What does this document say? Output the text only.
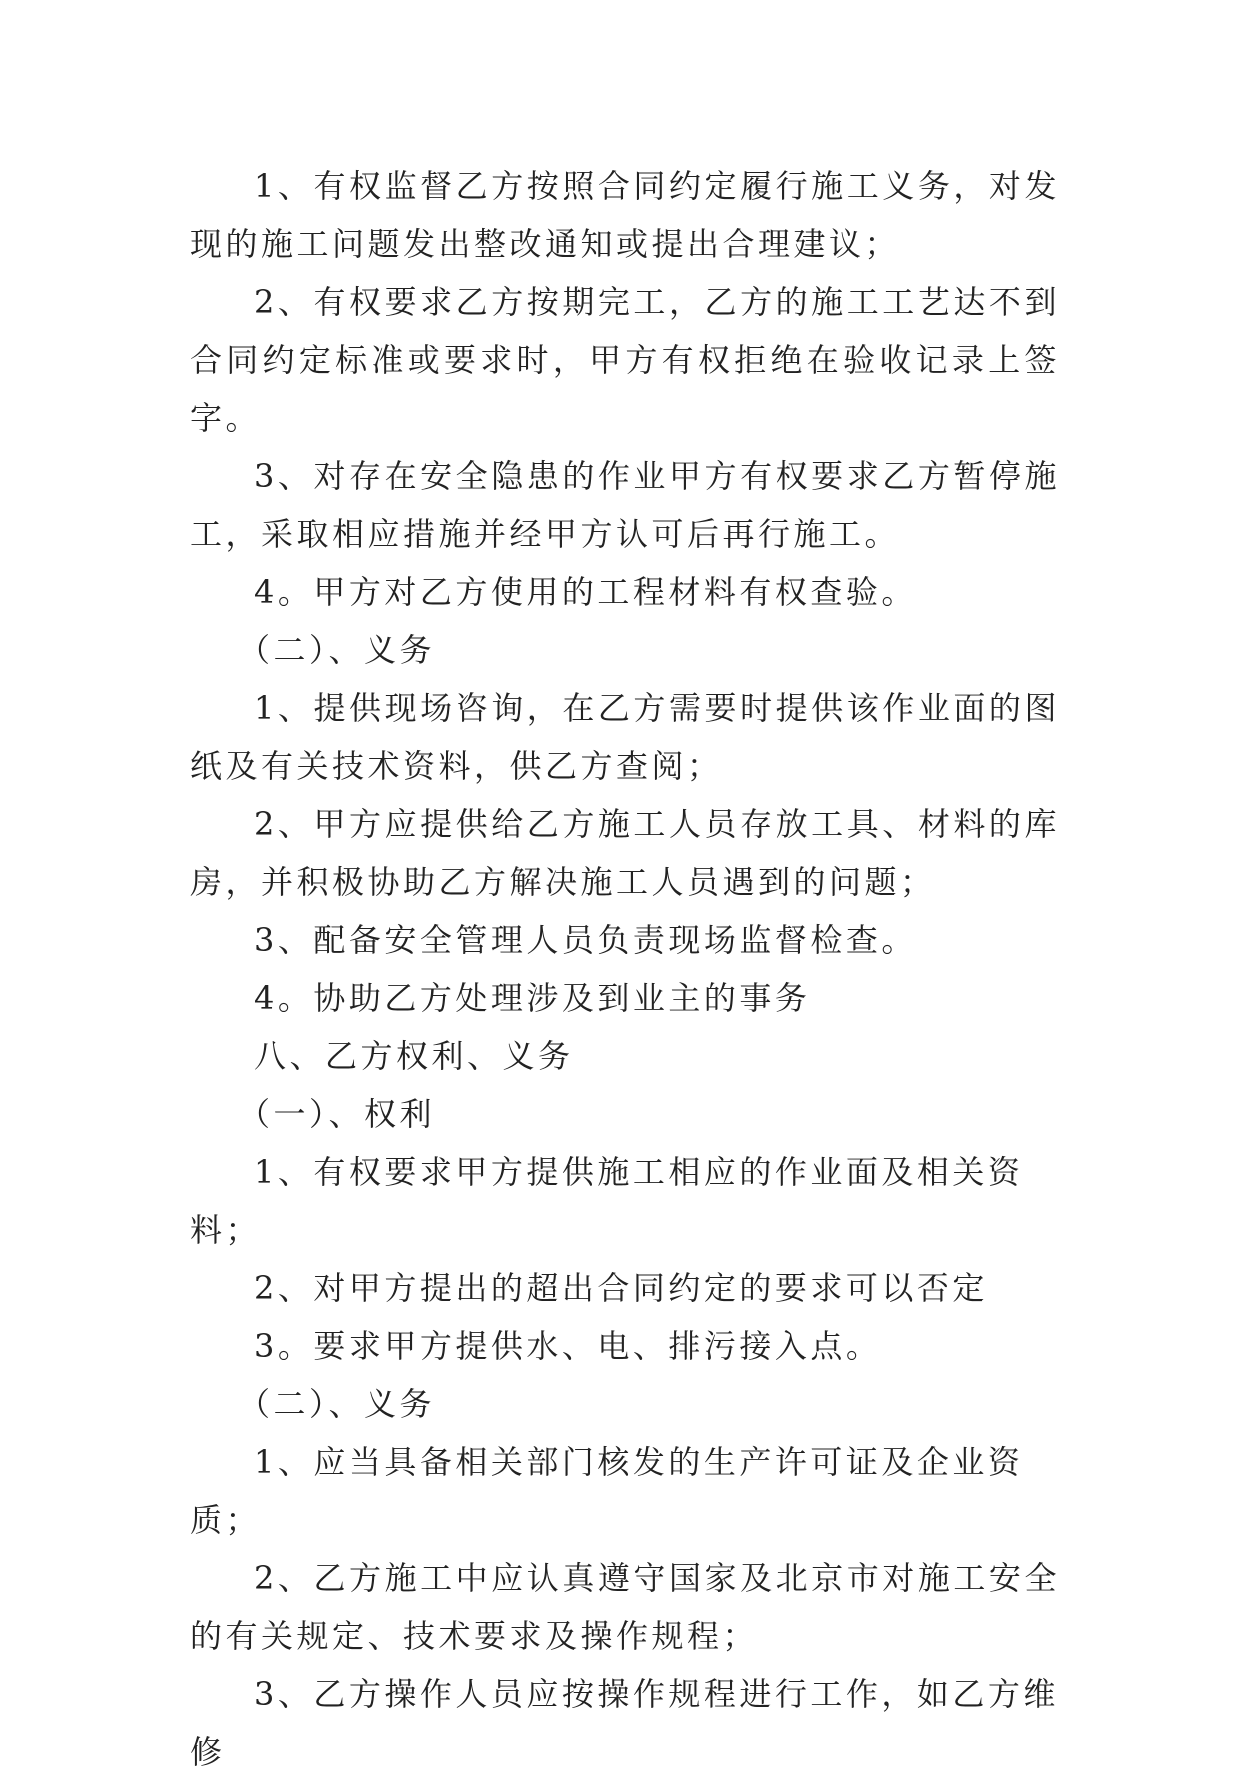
1、有权监督乙方按照合同约定履行施工义务，对发现的施工问题发出整改通知或提出合理建议；

2、有权要求乙方按期完工，乙方的施工工艺达不到合同约定标准或要求时，甲方有权拒绝在验收记录上签字。

3、对存在安全隐患的作业甲方有权要求乙方暂停施工，采取相应措施并经甲方认可后再行施工。

4。甲方对乙方使用的工程材料有权查验。

（二）、义务

1、提供现场咨询，在乙方需要时提供该作业面的图纸及有关技术资料，供乙方查阅；

2、甲方应提供给乙方施工人员存放工具、材料的库房，并积极协助乙方解决施工人员遇到的问题；

3、配备安全管理人员负责现场监督检查。

4。协助乙方处理涉及到业主的事务

八、乙方权利、义务

（一）、权利

1、有权要求甲方提供施工相应的作业面及相关资料；

2、对甲方提出的超出合同约定的要求可以否定

3。要求甲方提供水、电、排污接入点。

（二）、义务

1、应当具备相关部门核发的生产许可证及企业资质；

2、乙方施工中应认真遵守国家及北京市对施工安全的有关规定、技术要求及操作规程；

3、乙方操作人员应按操作规程进行工作，如乙方维修
